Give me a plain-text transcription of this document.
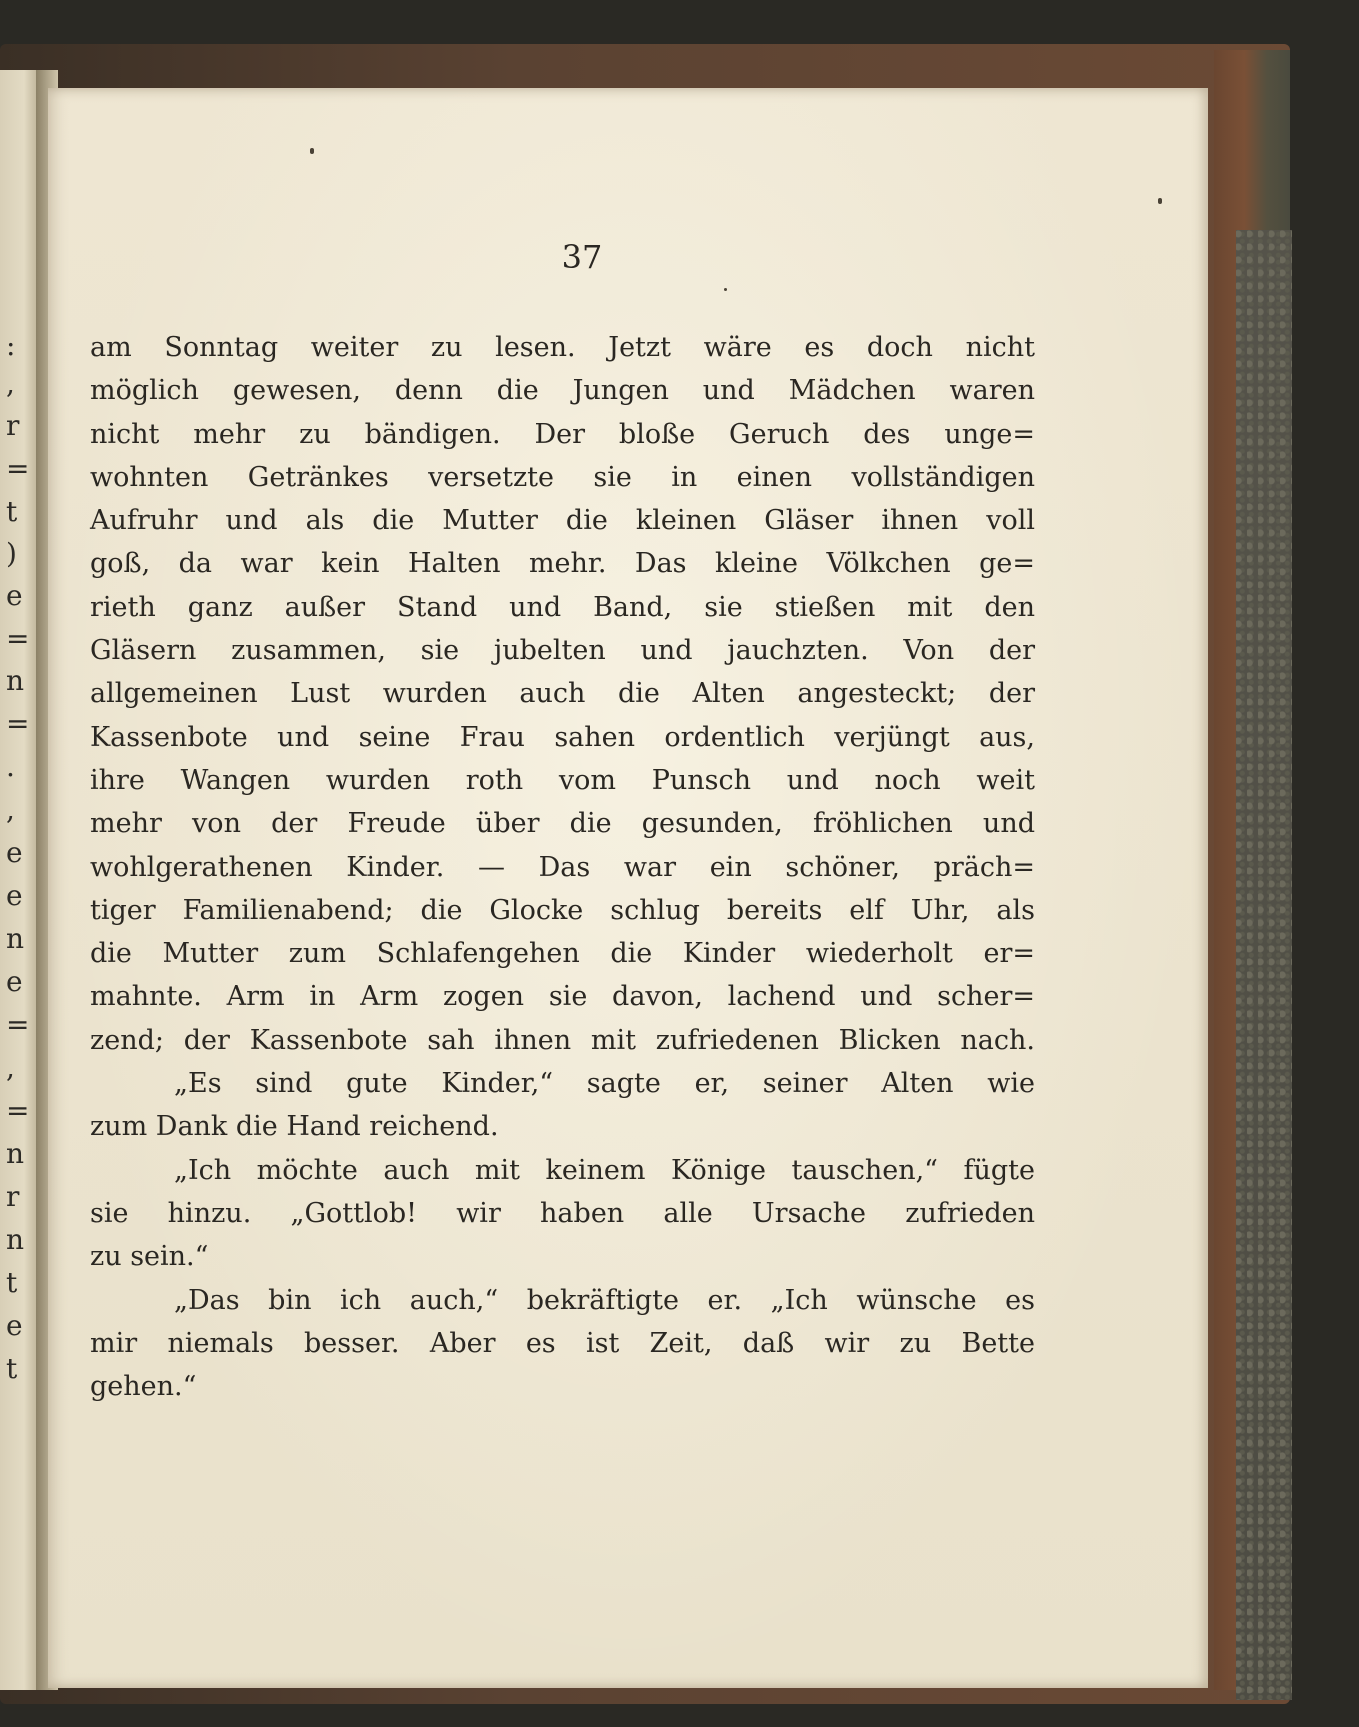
:
,
r
=
t
)
e
=
n
=
.
,
e
e
n
e
=
,
=
n
r
n
t
e
t
37
am Sonntag weiter zu lesen. Jetzt wäre es doch nicht
möglich gewesen, denn die Jungen und Mädchen waren
nicht mehr zu bändigen. Der bloße Geruch des unge=
wohnten Getränkes versetzte sie in einen vollständigen
Aufruhr und als die Mutter die kleinen Gläser ihnen voll
goß, da war kein Halten mehr. Das kleine Völkchen ge=
rieth ganz außer Stand und Band, sie stießen mit den
Gläsern zusammen, sie jubelten und jauchzten. Von der
allgemeinen Lust wurden auch die Alten angesteckt; der
Kassenbote und seine Frau sahen ordentlich verjüngt aus,
ihre Wangen wurden roth vom Punsch und noch weit
mehr von der Freude über die gesunden, fröhlichen und
wohlgerathenen Kinder. — Das war ein schöner, präch=
tiger Familienabend; die Glocke schlug bereits elf Uhr, als
die Mutter zum Schlafengehen die Kinder wiederholt er=
mahnte. Arm in Arm zogen sie davon, lachend und scher=
zend; der Kassenbote sah ihnen mit zufriedenen Blicken nach.
„Es sind gute Kinder,“ sagte er, seiner Alten wie
zum Dank die Hand reichend.
„Ich möchte auch mit keinem Könige tauschen,“ fügte
sie hinzu. „Gottlob! wir haben alle Ursache zufrieden
zu sein.“
„Das bin ich auch,“ bekräftigte er. „Ich wünsche es
mir niemals besser. Aber es ist Zeit, daß wir zu Bette
gehen.“
